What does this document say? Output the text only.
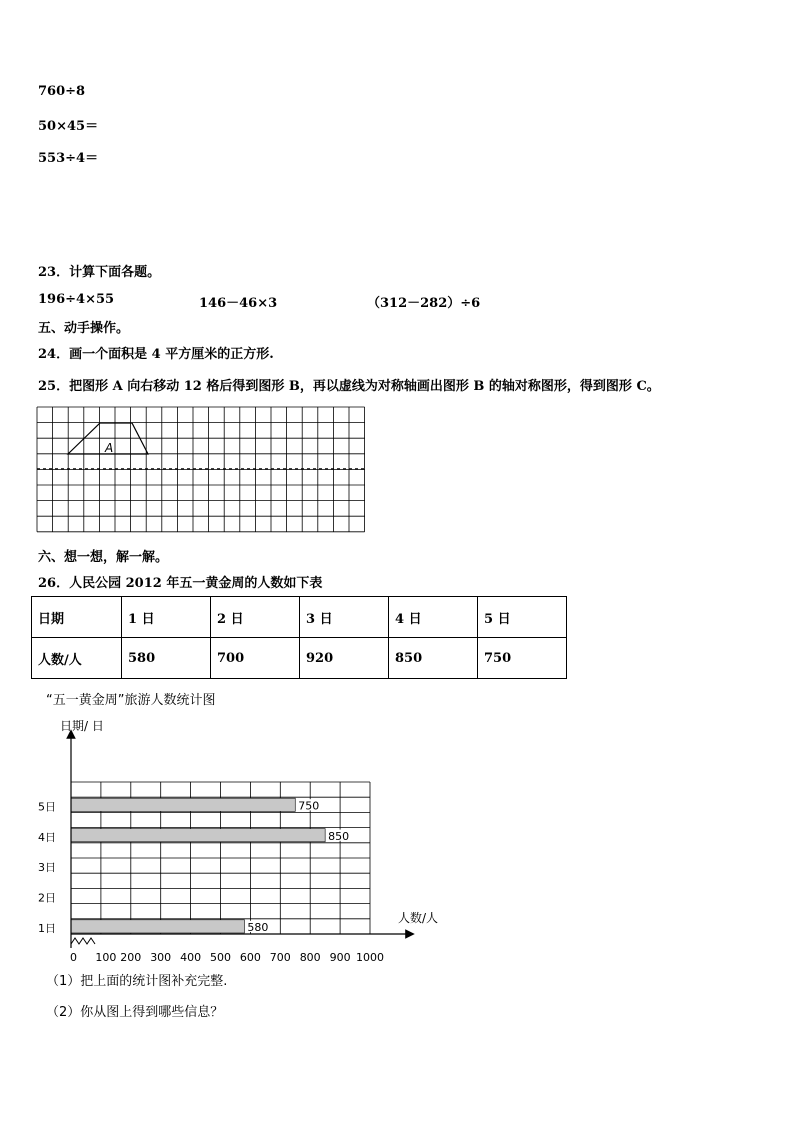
760÷8
50×45＝
553÷4＝
23．计算下面各题。
196÷4×55	146－46×3	（312－282）÷6
五、动手操作。
24．画一个面积是 4 平方厘米的正方形.
25．把图形 A 向右移动 12 格后得到图形 B，再以虚线为对称轴画出图形 B 的轴对称图形，得到图形 C。
A
六、想一想，解一解。
26．人民公园 2012 年五一黄金周的人数如下表
日期	1 日	2 日	3 日	4 日	5 日
人数/人	580	700	920	850	750
“五一黄金周”旅游人数统计图
580
1日
2日
3日
850
4日
750
5日
0 100 200 300 400 500 600 700 800 900 1000
日期/ 日
人数/人
（1）把上面的统计图补充完整.
（2）你从图上得到哪些信息？
